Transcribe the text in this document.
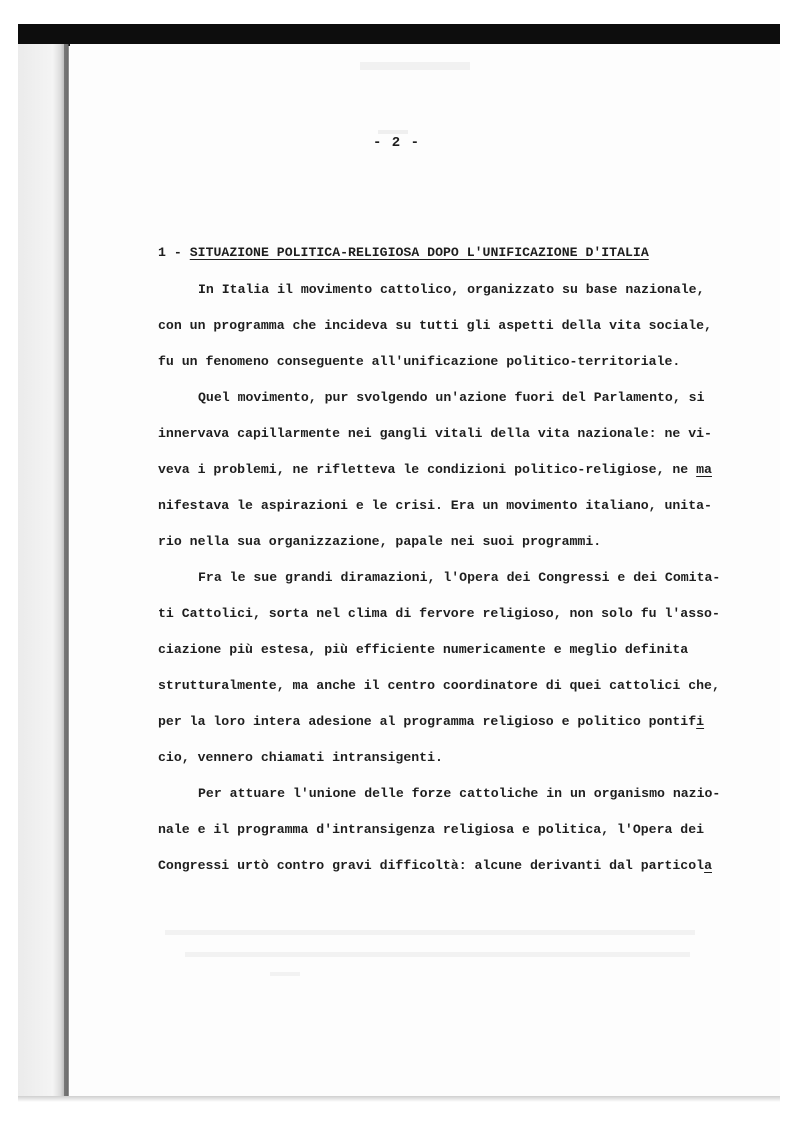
- 2 -
1 - SITUAZIONE POLITICA-RELIGIOSA DOPO L'UNIFICAZIONE D'ITALIA
In Italia il movimento cattolico, organizzato su base nazionale,
con un programma che incideva su tutti gli aspetti della vita sociale,
fu un fenomeno conseguente all'unificazione politico-territoriale.
Quel movimento, pur svolgendo un'azione fuori del Parlamento, si
innervava capillarmente nei gangli vitali della vita nazionale: ne vi-
veva i problemi, ne rifletteva le condizioni politico-religiose, ne ma
nifestava le aspirazioni e le crisi. Era un movimento italiano, unita-
rio nella sua organizzazione, papale nei suoi programmi.
Fra le sue grandi diramazioni, l'Opera dei Congressi e dei Comita-
ti Cattolici, sorta nel clima di fervore religioso, non solo fu l'asso-
ciazione più estesa, più efficiente numericamente e meglio definita
strutturalmente, ma anche il centro coordinatore di quei cattolici che,
per la loro intera adesione al programma religioso e politico pontifi
cio, vennero chiamati intransigenti.
Per attuare l'unione delle forze cattoliche in un organismo nazio-
nale e il programma d'intransigenza religiosa e politica, l'Opera dei
Congressi urtò contro gravi difficoltà: alcune derivanti dal particola
